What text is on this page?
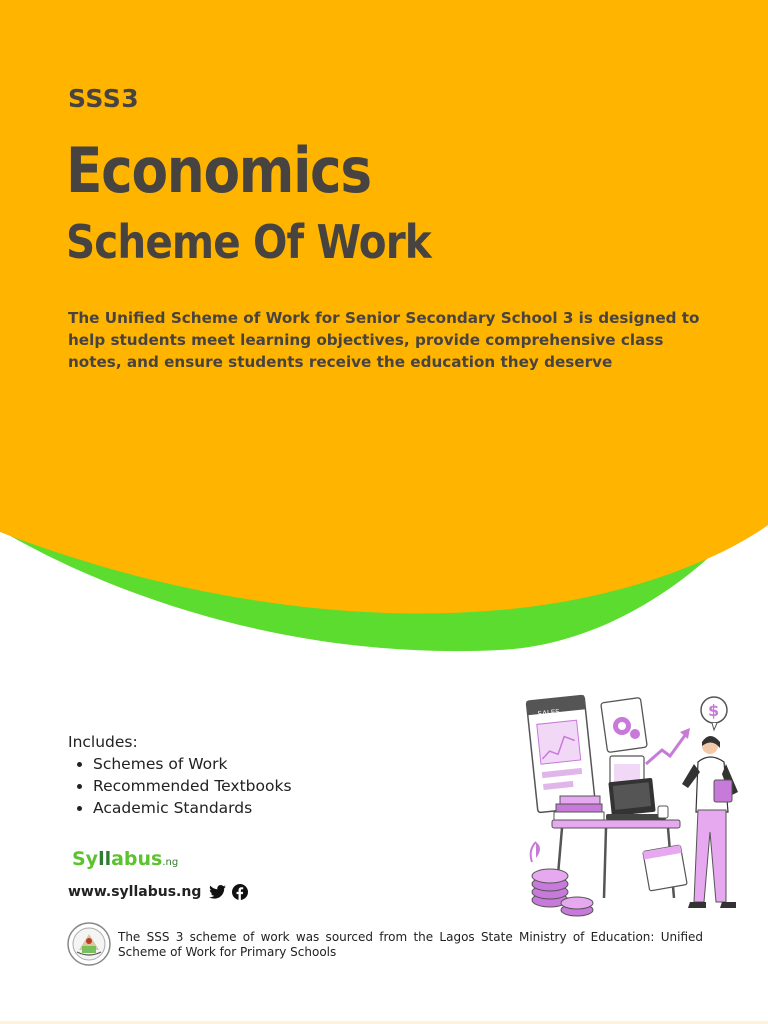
SSS3
Economics
Scheme Of Work
The Unified Scheme of Work for Senior Secondary School 3 is designed to help students meet learning objectives, provide comprehensive class notes, and ensure students receive the education they deserve
Includes:
• Schemes of Work
• Recommended Textbooks
• Academic Standards
Syllabus.ng
www.syllabus.ng
The SSS 3 scheme of work was sourced from the Lagos State Ministry of Education: Unified Scheme of Work for Primary Schools
SALES	$
